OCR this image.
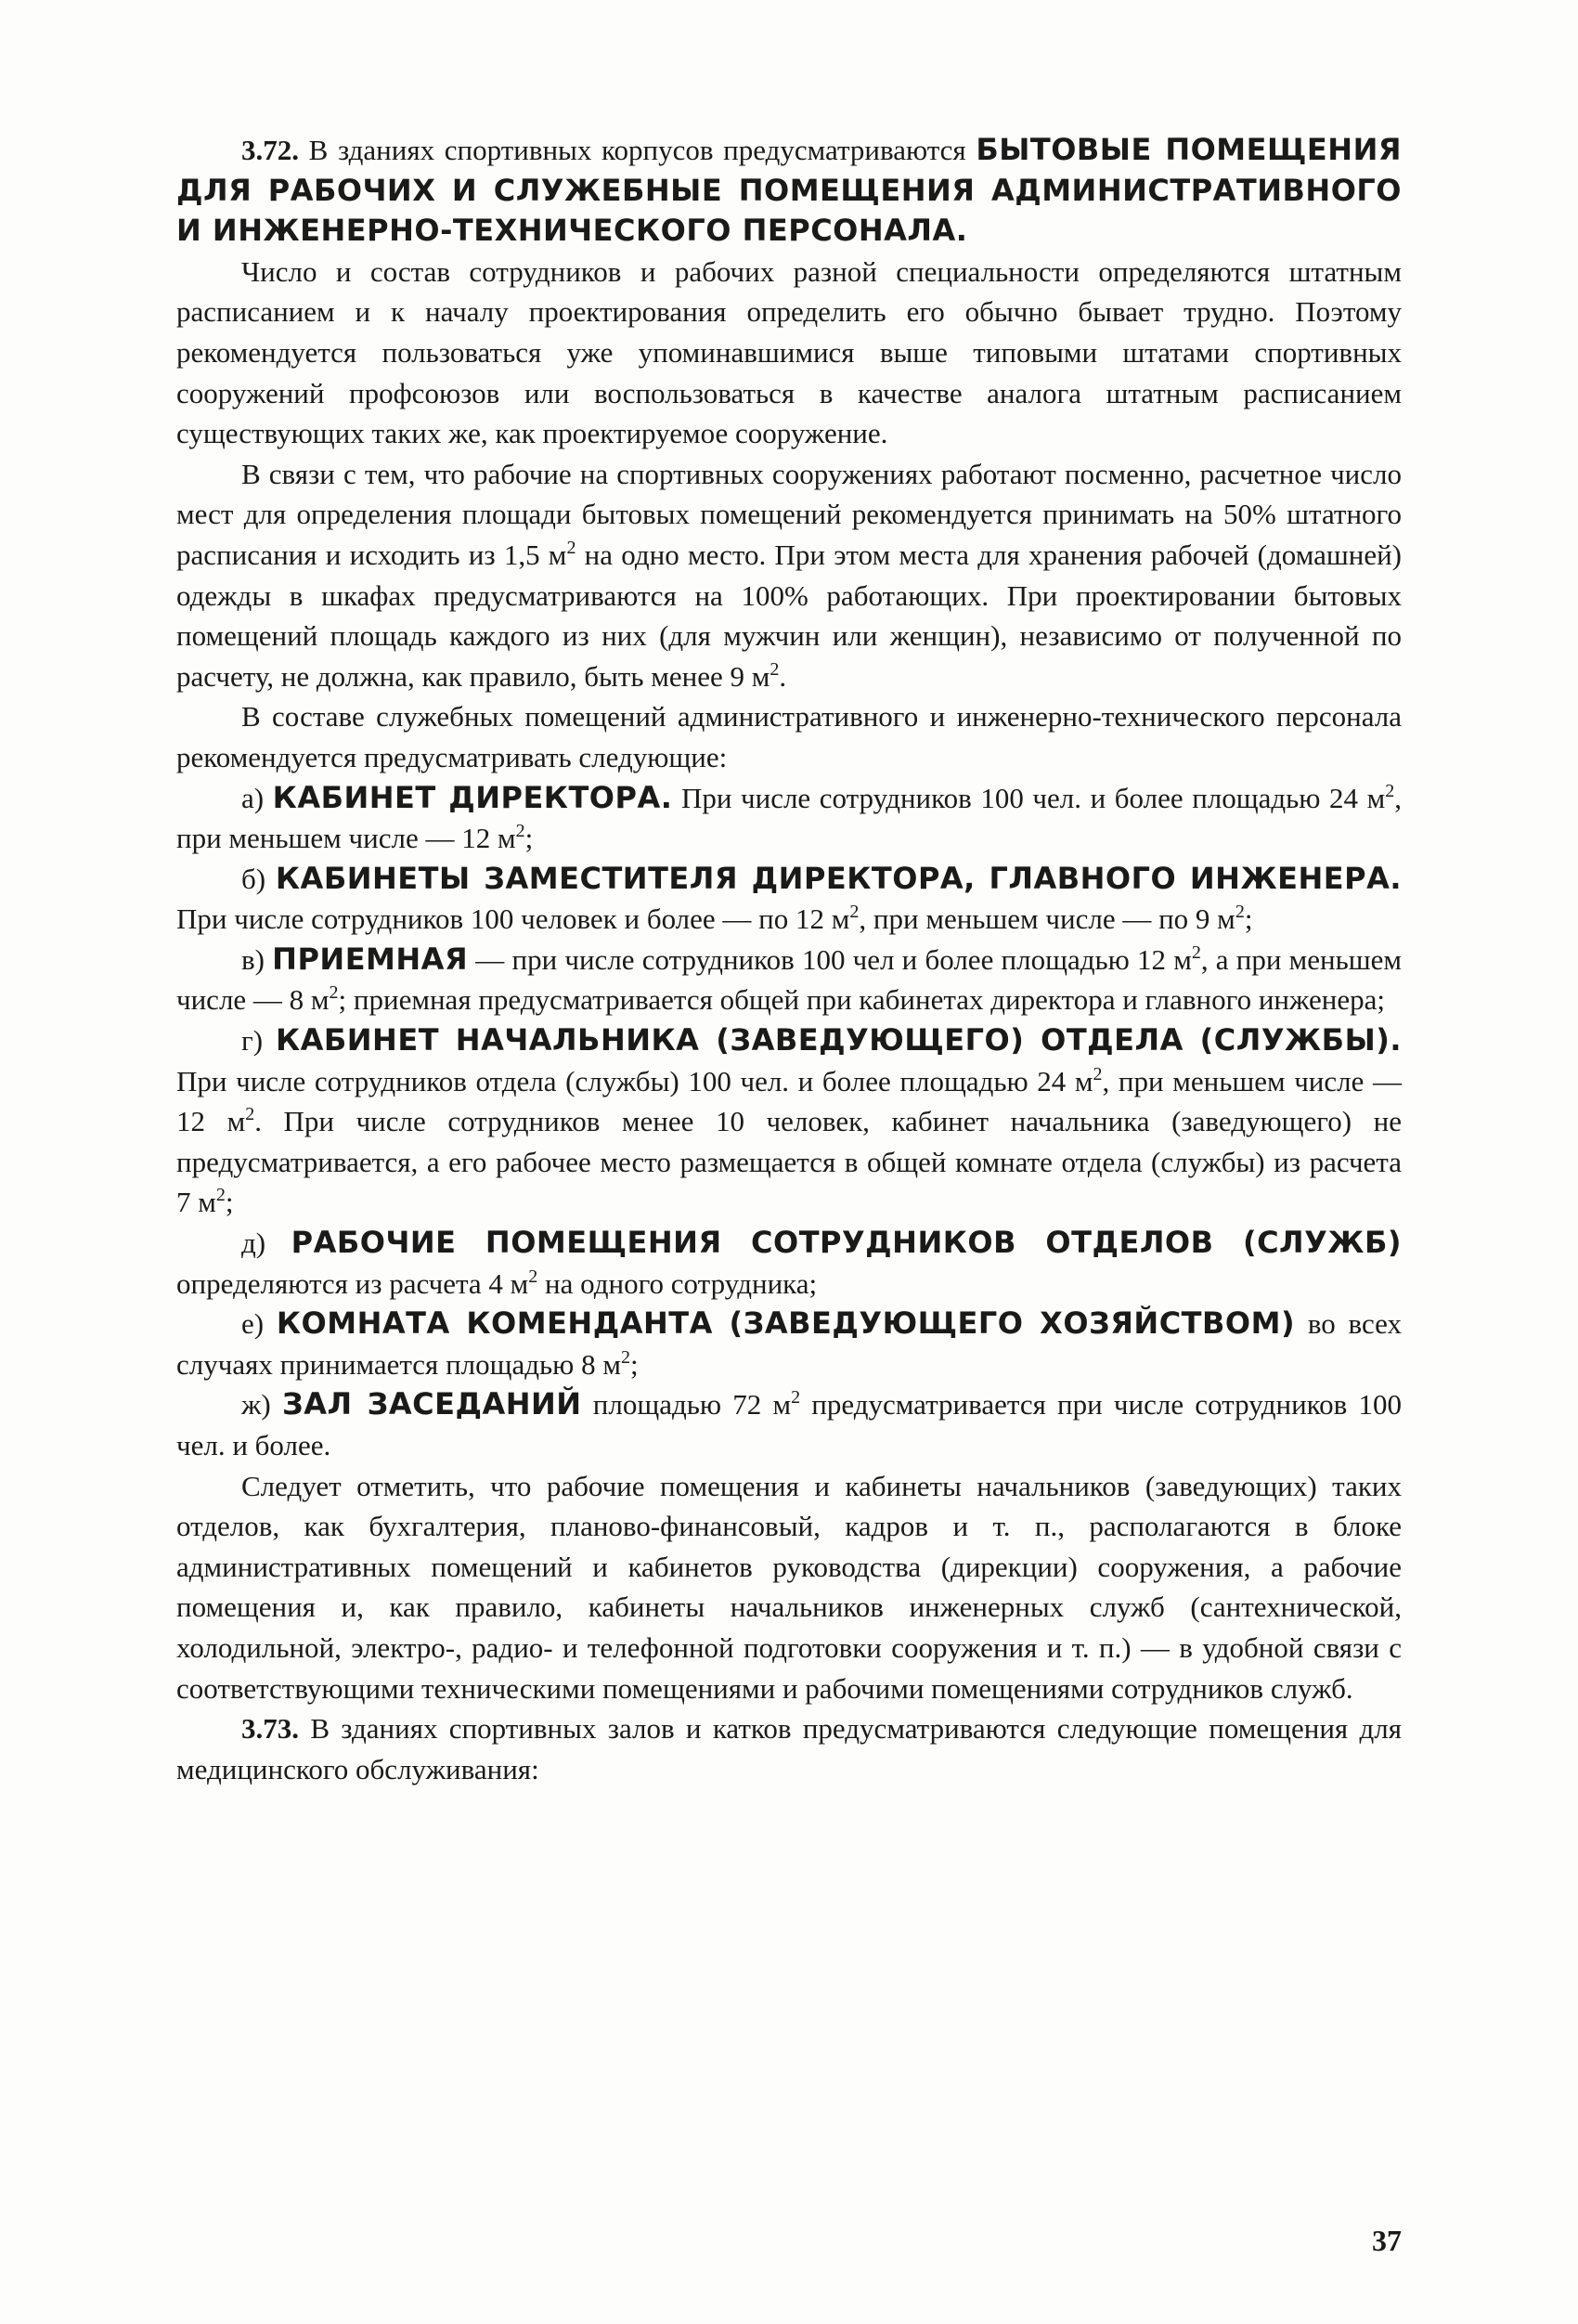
3.72. В зданиях спортивных корпусов предусматриваются БЫТОВЫЕ ПОМЕЩЕНИЯ ДЛЯ РАБОЧИХ И СЛУЖЕБНЫЕ ПОМЕЩЕНИЯ АДМИНИСТРАТИВНОГО И ИНЖЕНЕРНО-ТЕХНИЧЕСКОГО ПЕРСОНАЛА.

Число и состав сотрудников и рабочих разной специальности определяются штатным расписанием и к началу проектирования определить его обычно бывает трудно. Поэтому рекомендуется пользоваться уже упоминавшимися выше типовыми штатами спортивных сооружений профсоюзов или воспользоваться в качестве аналога штатным расписанием существующих таких же, как проектируемое сооружение.

В связи с тем, что рабочие на спортивных сооружениях работают посменно, расчетное число мест для определения площади бытовых помещений рекомендуется принимать на 50% штатного расписания и исходить из 1,5 $м^2$ на одно место. При этом места для хранения рабочей (домашней) одежды в шкафах предусматриваются на 100% работающих. При проектировании бытовых помещений площадь каждого из них (для мужчин или женщин), независимо от полученной по расчету, не должна, как правило, быть менее 9 $м^2$.

В составе служебных помещений административного и инженерно-технического персонала рекомендуется предусматривать следующие:

а) КАБИНЕТ ДИРЕКТОРА. При числе сотрудников 100 чел. и более площадью 24 $м^2$, при меньшем числе — 12 $м^2$;

б) КАБИНЕТЫ ЗАМЕСТИТЕЛЯ ДИРЕКТОРА, ГЛАВНОГО ИНЖЕНЕРА. При числе сотрудников 100 человек и более — по 12 $м^2$, при меньшем числе — по 9 $м^2$;

в) ПРИЕМНАЯ — при числе сотрудников 100 чел и более площадью 12 $м^2$, а при меньшем числе — 8 $м^2$; приемная предусматривается общей при кабинетах директора и главного инженера;

г) КАБИНЕТ НАЧАЛЬНИКА (ЗАВЕДУЮЩЕГО) ОТДЕЛА (СЛУЖБЫ). При числе сотрудников отдела (службы) 100 чел. и более площадью 24 $м^2$, при меньшем числе — 12 $м^2$. При числе сотрудников менее 10 человек, кабинет начальника (заведующего) не предусматривается, а его рабочее место размещается в общей комнате отдела (службы) из расчета 7 $м^2$;

д) РАБОЧИЕ ПОМЕЩЕНИЯ СОТРУДНИКОВ ОТДЕЛОВ (СЛУЖБ) определяются из расчета 4 $м^2$ на одного сотрудника;

е) КОМНАТА КОМЕНДАНТА (ЗАВЕДУЮЩЕГО ХОЗЯЙСТВОМ) во всех случаях принимается площадью 8 $м^2$;

ж) ЗАЛ ЗАСЕДАНИЙ площадью 72 $м^2$ предусматривается при числе сотрудников 100 чел. и более.

Следует отметить, что рабочие помещения и кабинеты начальников (заведующих) таких отделов, как бухгалтерия, планово-финансовый, кадров и т. п., располагаются в блоке административных помещений и кабинетов руководства (дирекции) сооружения, а рабочие помещения и, как правило, кабинеты начальников инженерных служб (сантехнической, холодильной, электро-, радио- и телефонной подготовки сооружения и т. п.) — в удобной связи с соответствующими техническими помещениями и рабочими помещениями сотрудников служб.

3.73. В зданиях спортивных залов и катков предусматриваются следующие помещения для медицинского обслуживания:

37
